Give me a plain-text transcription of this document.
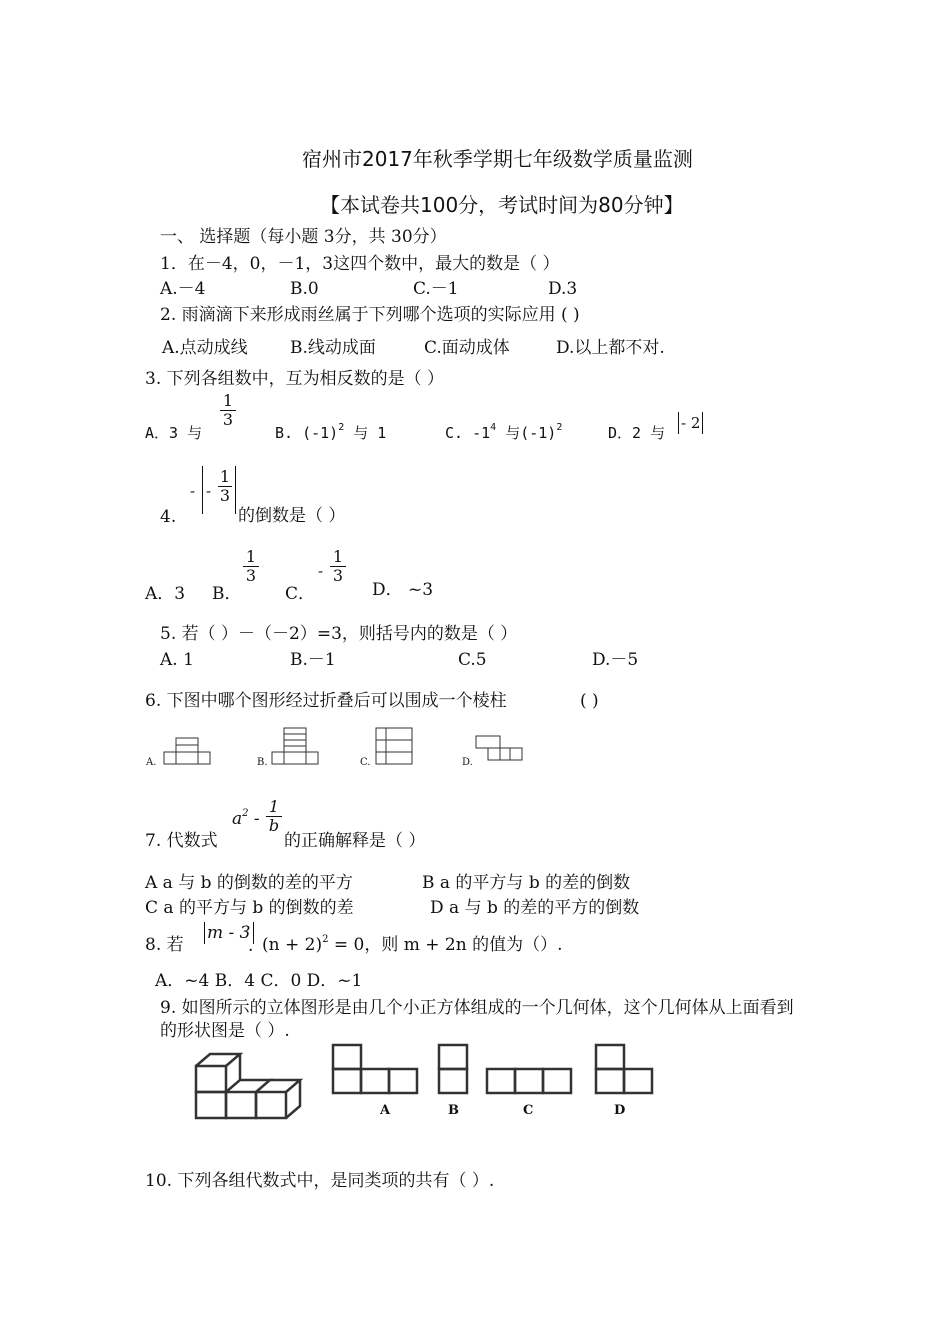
宿州市2017年秋季学期七年级数学质量监测
【本试卷共100分，考试时间为80分钟】
一、 选择题（每小题 3分，共 30分）
1．在－4，0，－1，3这四个数中，最大的数是（ ）
A.－4	B.0	C.－1	D.3
2. 雨滴滴下来形成雨丝属于下列哪个选项的实际应用 ( )
A.点动成线 B.线动成面	C.面动成体	D.以上都不对.
3. 下列各组数中，互为相反数的是（ ）
$\frac{1}{3}$
A．3 与	B. $(-1)^2$ 与 1	C. $-1^4$ 与$(-1)^2$	D．2 与
- 2
4.
- - $\frac{1}{3}$
的倒数是（ ）
A．3 B．
$\frac{1}{3}$
C．
- $\frac{1}{3}$
D． ~3
5. 若（ ）－（－2）=3，则括号内的数是（ ）
A. 1	B.－1	C.5	D.－5
6. 下图中哪个图形经过折叠后可以围成一个棱柱	( )
A.	B.	C.	D.
7. 代数式
$a^2 - \frac{1}{b}$
的正确解释是（ ）
A a 与 b 的倒数的差的平方	B a 的平方与 b 的差的倒数
C a 的平方与 b 的倒数的差	D a 与 b 的差的平方的倒数
8. 若
m - 3
. $(n + 2)^2 = 0$，则 m + 2n 的值为（）.
A．~4 B．4 C．0 D．~1
9. 如图所示的立体图形是由几个小正方体组成的一个几何体，这个几何体从上面看到
的形状图是（ ）.
A	B	C	D
10. 下列各组代数式中，是同类项的共有（ ）.
